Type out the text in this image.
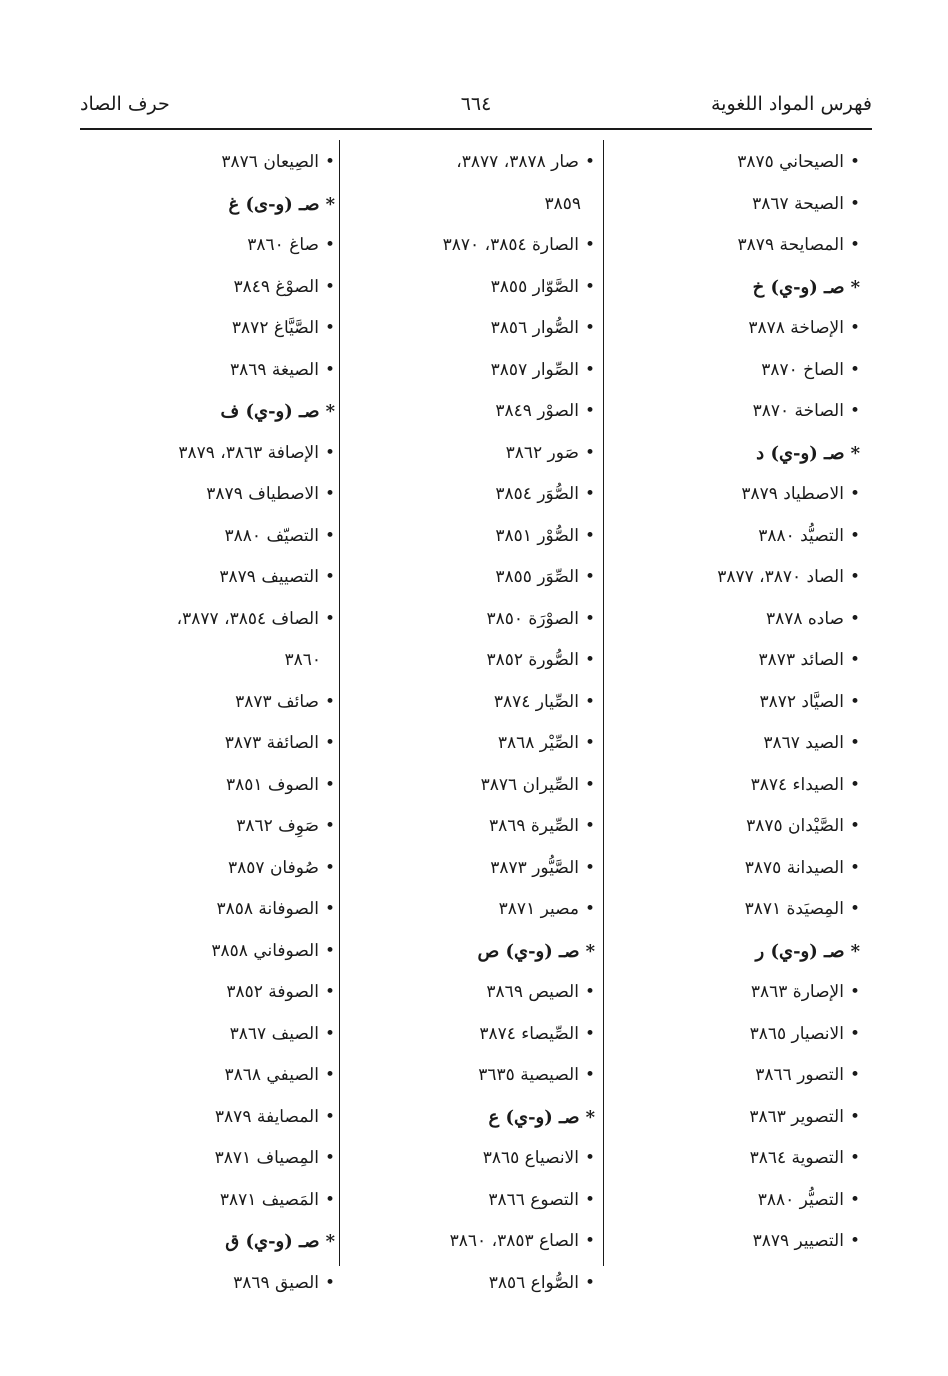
فهرس المواد اللغوية
٦٦٤
حرف الصاد
•الصيحاني ٣٨٧٥
•الصيحة ٣٨٦٧
•المصايحة ٣٨٧٩
*صـ (و-ي) خ
•الإصاخة ٣٨٧٨
•الصاخ ٣٨٧٠
•الصاخة ٣٨٧٠
*صـ (و-ي) د
•الاصطياد ٣٨٧٩
•التصيُّد ٣٨٨٠
•الصاد ٣٨٧٠، ٣٨٧٧
•صاده ٣٨٧٨
•الصائد ٣٨٧٣
•الصيَّاد ٣٨٧٢
•الصيد ٣٨٦٧
•الصيداء ٣٨٧٤
•الصَّيْدان ٣٨٧٥
•الصيدانة ٣٨٧٥
•المِصيَدة ٣٨٧١
*صـ (و-ي) ر
•الإصارة ٣٨٦٣
•الانصيار ٣٨٦٥
•التصور ٣٨٦٦
•التصوير ٣٨٦٣
•التصوية ٣٨٦٤
•التصيُّر ٣٨٨٠
•التصيير ٣٨٧٩
•صار ٣٨٧٨، ٣٨٧٧،
٣٨٥٩
•الصارة ٣٨٥٤، ٣٨٧٠
•الصَّوّار ٣٨٥٥
•الصُّوار ٣٨٥٦
•الصِّوار ٣٨٥٧
•الصوْر ٣٨٤٩
•صَور ٣٨٦٢
•الصُّوَر ٣٨٥٤
•الصُّوْر ٣٨٥١
•الصِّوَر ٣٨٥٥
•الصوْرَة ٣٨٥٠
•الصُّورة ٣٨٥٢
•الصِّيار ٣٨٧٤
•الصِّيْر ٣٨٦٨
•الصِّيران ٣٨٧٦
•الصِّيرة ٣٨٦٩
•الصَّيُّور ٣٨٧٣
•مصير ٣٨٧١
*صـ (و-ي) ص
•الصيص ٣٨٦٩
•الصِّيصاء ٣٨٧٤
•الصيصية ٣٦٣٥
*صـ (و-ي) ع
•الانصياع ٣٨٦٥
•التصوع ٣٨٦٦
•الصاع ٣٨٥٣، ٣٨٦٠
•الصُّواع ٣٨٥٦
•الصِيعان ٣٨٧٦
*صـ (و-ى) غ
•صاغ ٣٨٦٠
•الصوْغ ٣٨٤٩
•الصَّيَّاغ ٣٨٧٢
•الصيغة ٣٨٦٩
*صـ (و-ي) ف
•الإصافة ٣٨٦٣، ٣٨٧٩
•الاصطياف ٣٨٧٩
•التصيّف ٣٨٨٠
•التصييف ٣٨٧٩
•الصاف ٣٨٥٤، ٣٨٧٧،
٣٨٦٠
•صائف ٣٨٧٣
•الصائفة ٣٨٧٣
•الصوف ٣٨٥١
•صَوِف ٣٨٦٢
•صُوفان ٣٨٥٧
•الصوفانة ٣٨٥٨
•الصوفاني ٣٨٥٨
•الصوفة ٣٨٥٢
•الصيف ٣٨٦٧
•الصيفي ٣٨٦٨
•المصايفة ٣٨٧٩
•المِصياف ٣٨٧١
•المَصيف ٣٨٧١
*صـ (و-ي) ق
•الصيق ٣٨٦٩
